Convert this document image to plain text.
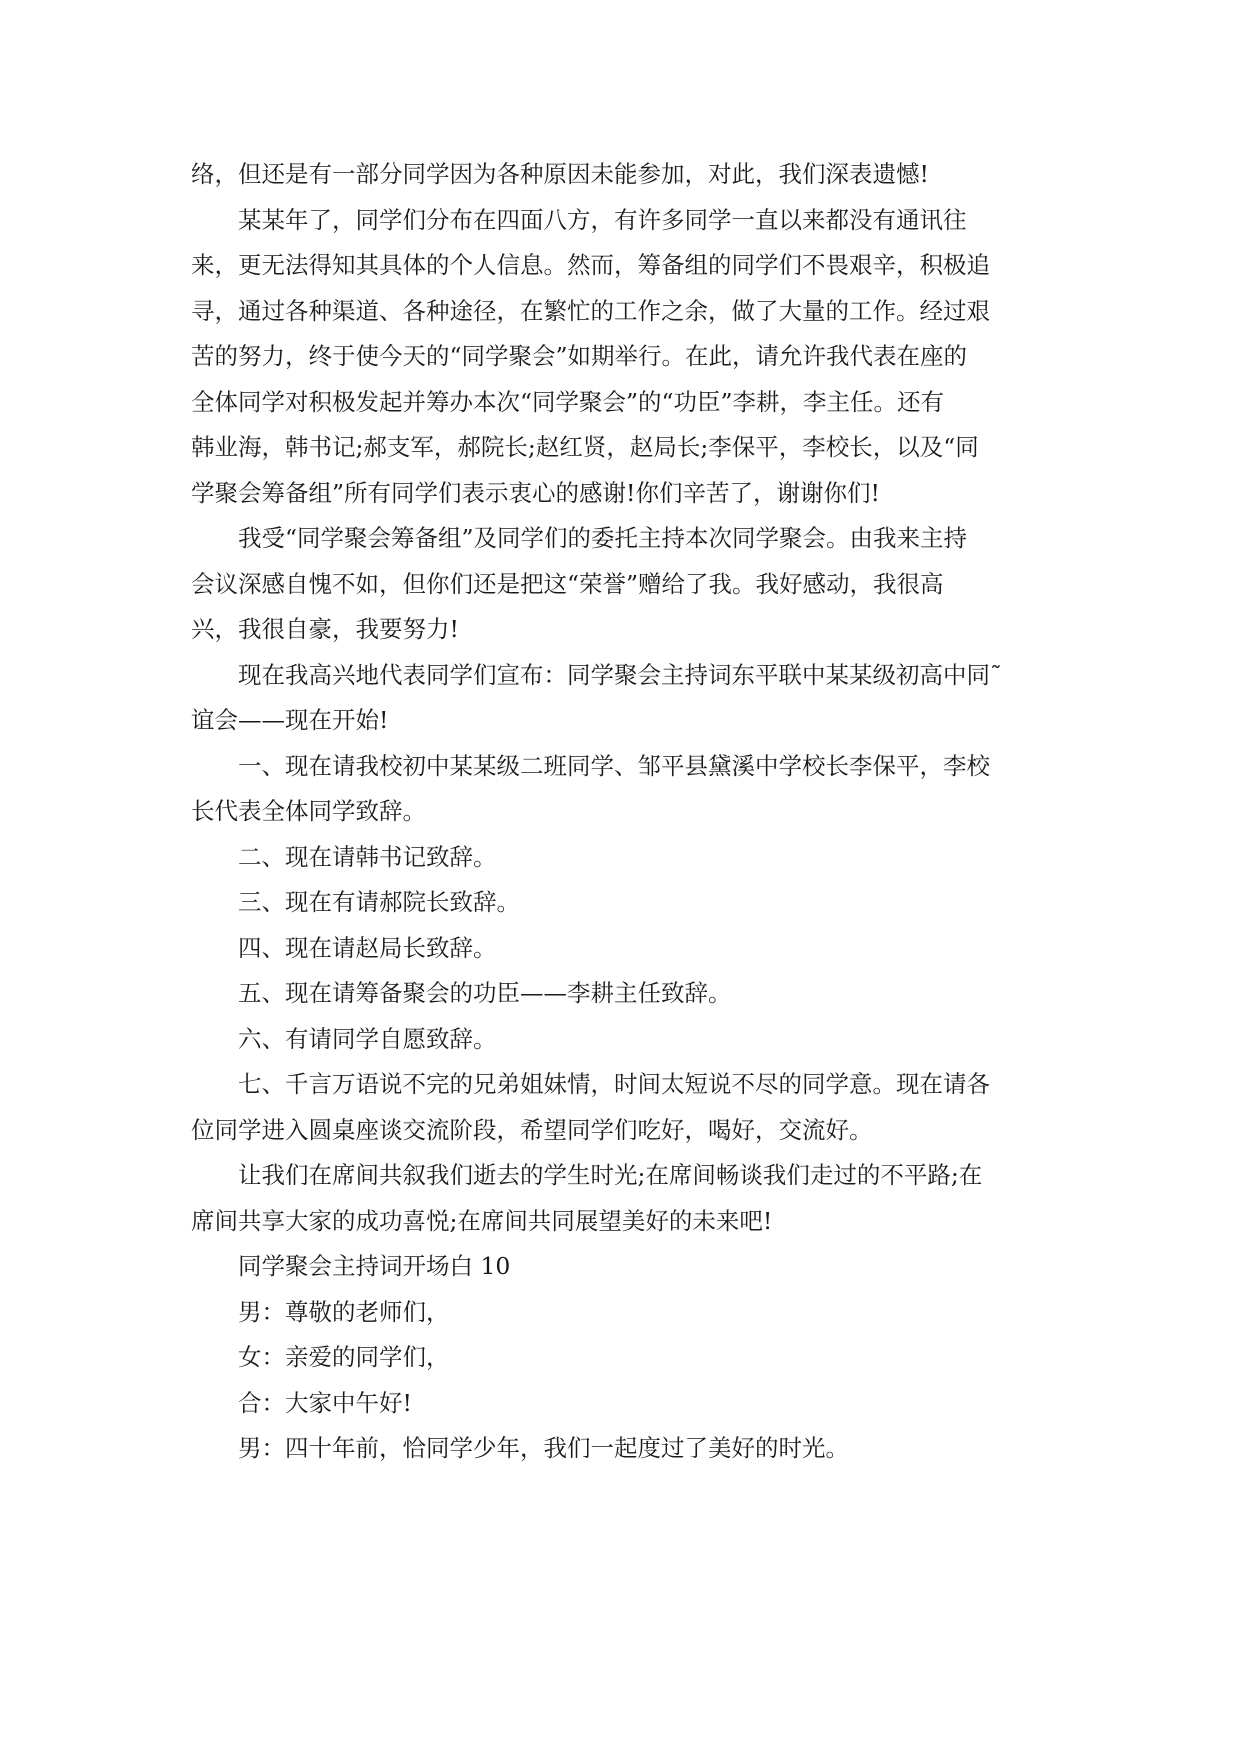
络，但还是有一部分同学因为各种原因未能参加，对此，我们深表遗憾!

某某年了，同学们分布在四面八方，有许多同学一直以来都没有通讯往

来，更无法得知其具体的个人信息。然而，筹备组的同学们不畏艰辛，积极追

寻，通过各种渠道、各种途径，在繁忙的工作之余，做了大量的工作。经过艰

苦的努力，终于使今天的“同学聚会”如期举行。在此，请允许我代表在座的

全体同学对积极发起并筹办本次“同学聚会”的“功臣”李耕，李主任。还有

韩业海，韩书记;郝支军，郝院长;赵红贤，赵局长;李保平，李校长，以及“同

学聚会筹备组”所有同学们表示衷心的感谢!你们辛苦了，谢谢你们!

我受“同学聚会筹备组”及同学们的委托主持本次同学聚会。由我来主持

会议深感自愧不如，但你们还是把这“荣誉”赠给了我。我好感动，我很高

兴，我很自豪，我要努力!

现在我高兴地代表同学们宣布：同学聚会主持词东平联中某某级初高中同˜

谊会——现在开始!

一、现在请我校初中某某级二班同学、邹平县黛溪中学校长李保平，李校

长代表全体同学致辞。

二、现在请韩书记致辞。

三、现在有请郝院长致辞。

四、现在请赵局长致辞。

五、现在请筹备聚会的功臣——李耕主任致辞。

六、有请同学自愿致辞。

七、千言万语说不完的兄弟姐妹情，时间太短说不尽的同学意。现在请各

位同学进入圆桌座谈交流阶段，希望同学们吃好，喝好，交流好。

让我们在席间共叙我们逝去的学生时光;在席间畅谈我们走过的不平路;在

席间共享大家的成功喜悦;在席间共同展望美好的未来吧!

同学聚会主持词开场白 10

男：尊敬的老师们，

女：亲爱的同学们，

合：大家中午好!

男：四十年前，恰同学少年，我们一起度过了美好的时光。
